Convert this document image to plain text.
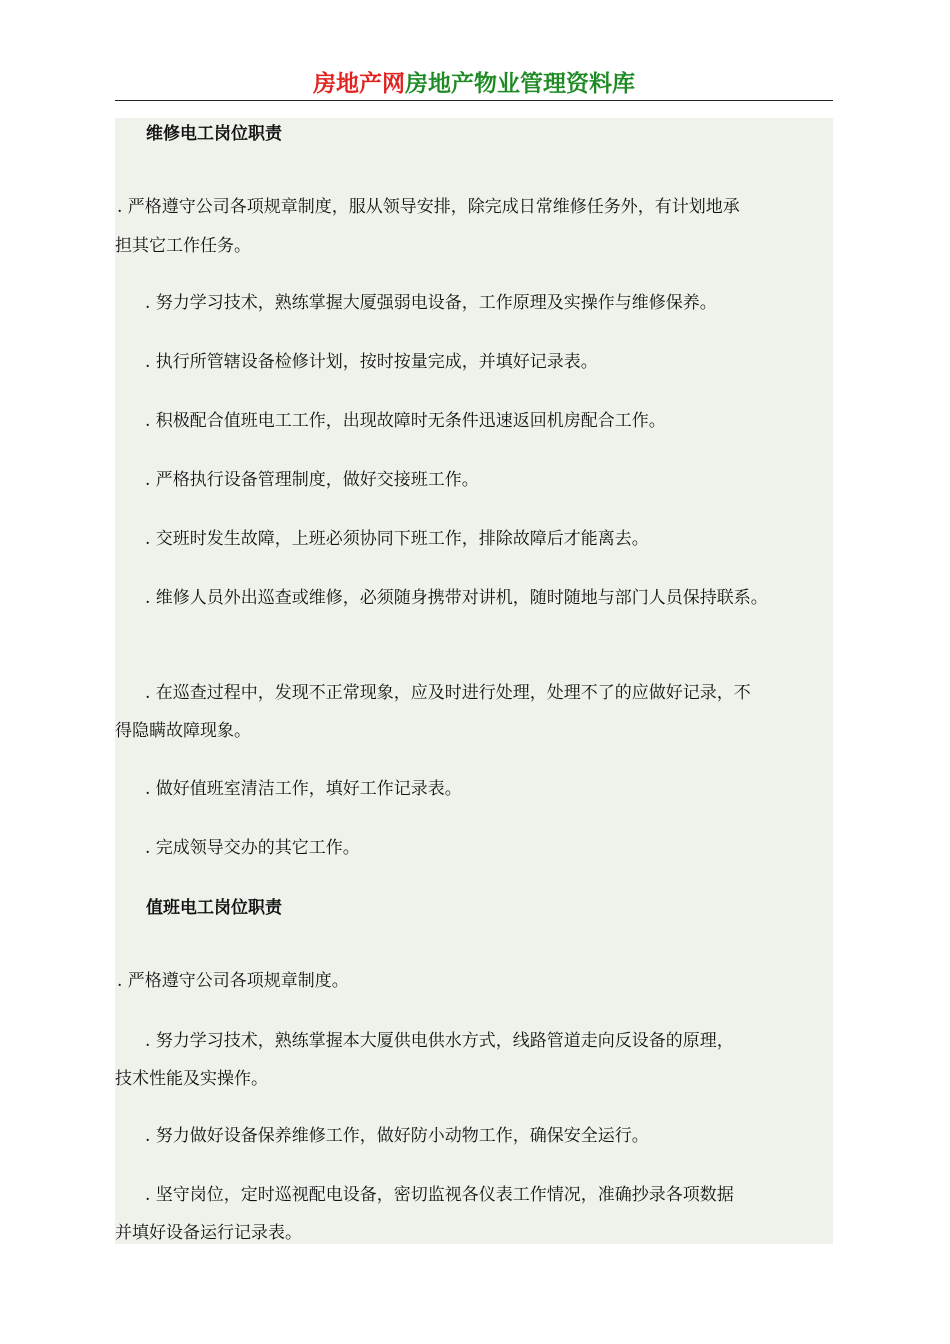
房地产网房地产物业管理资料库
维修电工岗位职责
. 严格遵守公司各项规章制度，服从领导安排，除完成日常维修任务外，有计划地承
担其它工作任务。
. 努力学习技术，熟练掌握大厦强弱电设备，工作原理及实操作与维修保养。
. 执行所管辖设备检修计划，按时按量完成，并填好记录表。
. 积极配合值班电工工作，出现故障时无条件迅速返回机房配合工作。
. 严格执行设备管理制度，做好交接班工作。
. 交班时发生故障，上班必须协同下班工作，排除故障后才能离去。
. 维修人员外出巡查或维修，必须随身携带对讲机，随时随地与部门人员保持联系。
. 在巡查过程中，发现不正常现象，应及时进行处理，处理不了的应做好记录，不
得隐瞒故障现象。
. 做好值班室清洁工作，填好工作记录表。
. 完成领导交办的其它工作。
值班电工岗位职责
. 严格遵守公司各项规章制度。
. 努力学习技术，熟练掌握本大厦供电供水方式，线路管道走向反设备的原理，
技术性能及实操作。
. 努力做好设备保养维修工作，做好防小动物工作，确保安全运行。
. 坚守岗位，定时巡视配电设备，密切监视各仪表工作情况，准确抄录各项数据
并填好设备运行记录表。
